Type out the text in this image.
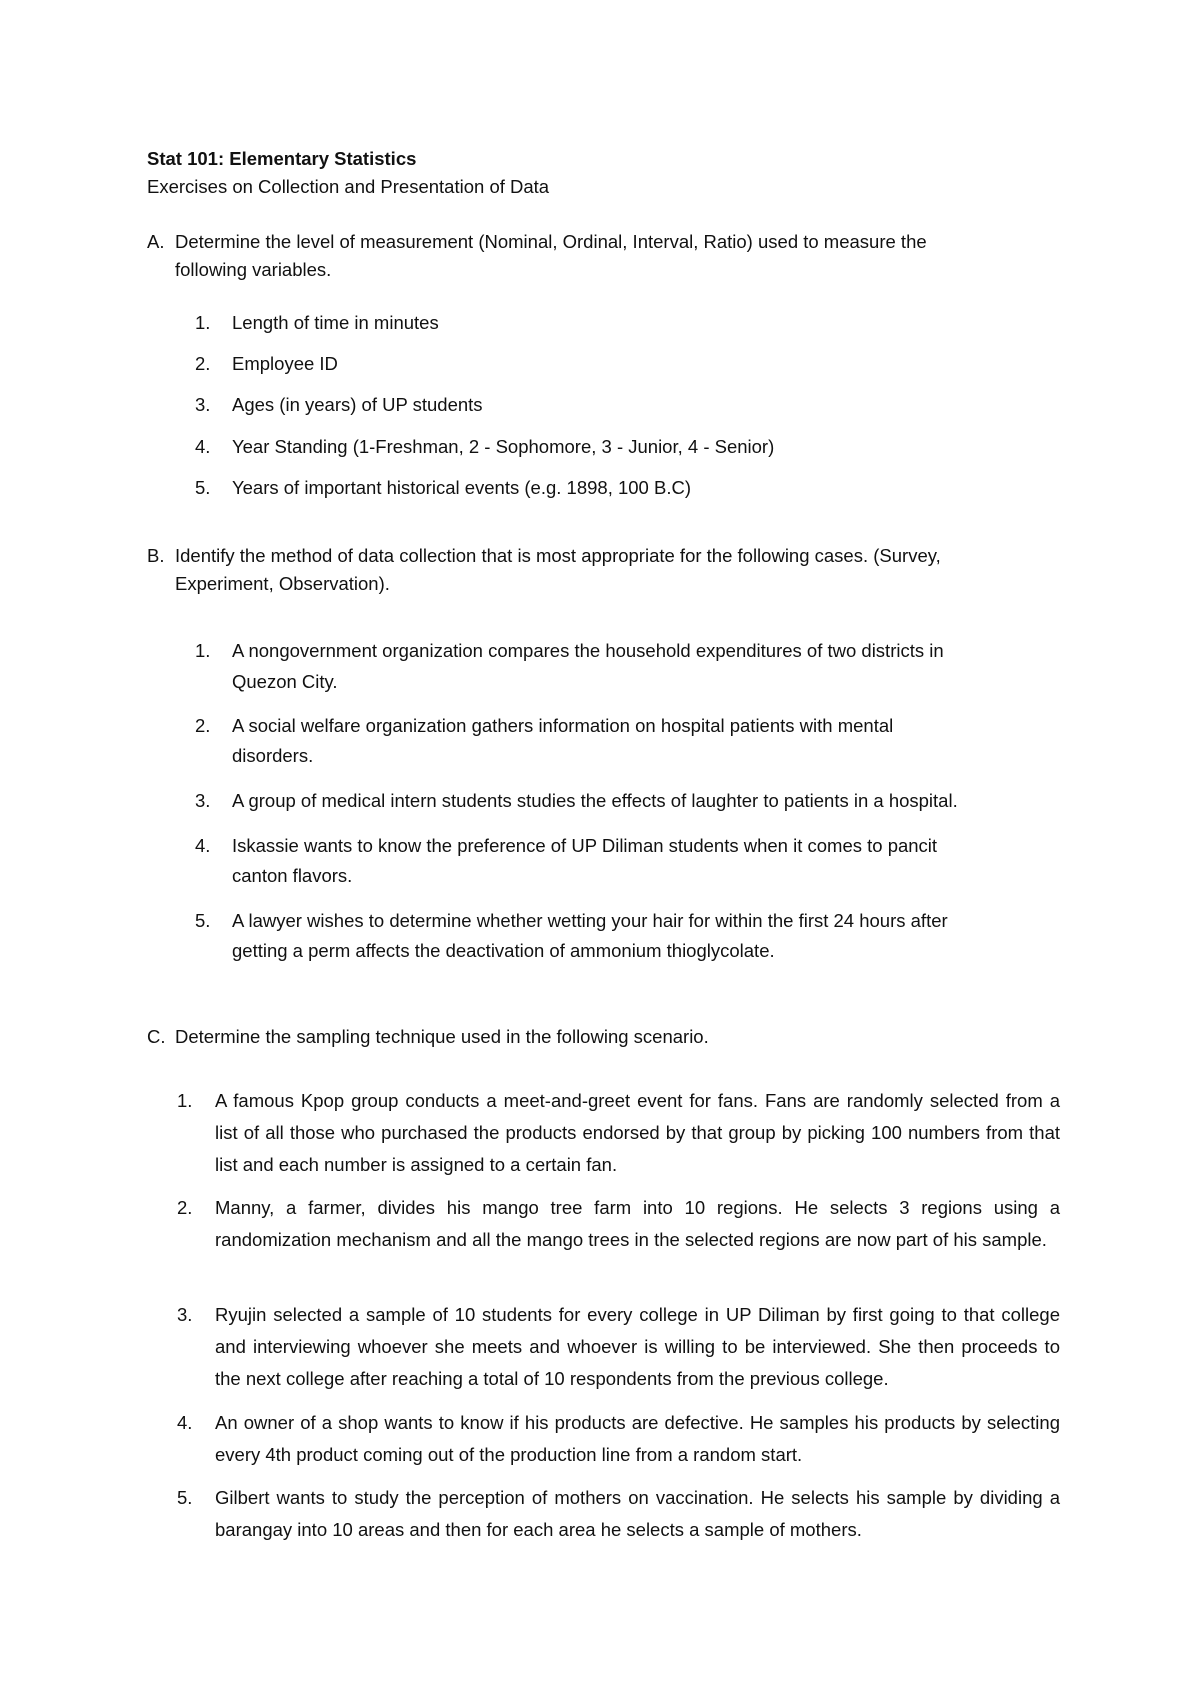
Stat 101: Elementary Statistics
Exercises on Collection and Presentation of Data
A. Determine the level of measurement (Nominal, Ordinal, Interval, Ratio) used to measure the
following variables.
1. Length of time in minutes
2. Employee ID
3. Ages (in years) of UP students
4. Year Standing (1-Freshman, 2 - Sophomore, 3 - Junior, 4 - Senior)
5. Years of important historical events (e.g. 1898, 100 B.C)
B. Identify the method of data collection that is most appropriate for the following cases. (Survey,
Experiment, Observation).
1. A nongovernment organization compares the household expenditures of two districts in
Quezon City.
2. A social welfare organization gathers information on hospital patients with mental
disorders.
3. A group of medical intern students studies the effects of laughter to patients in a hospital.
4. Iskassie wants to know the preference of UP Diliman students when it comes to pancit
canton flavors.
5. A lawyer wishes to determine whether wetting your hair for within the first 24 hours after
getting a perm affects the deactivation of ammonium thioglycolate.
C. Determine the sampling technique used in the following scenario.
1. A famous Kpop group conducts a meet-and-greet event for fans. Fans are randomly selected from a list of all those who purchased the products endorsed by that group by picking 100 numbers from that list and each number is assigned to a certain fan.
2. Manny, a farmer, divides his mango tree farm into 10 regions. He selects 3 regions using a randomization mechanism and all the mango trees in the selected regions are now part of his sample.
3. Ryujin selected a sample of 10 students for every college in UP Diliman by first going to that college and interviewing whoever she meets and whoever is willing to be interviewed. She then proceeds to the next college after reaching a total of 10 respondents from the previous college.
4. An owner of a shop wants to know if his products are defective. He samples his products by selecting every 4th product coming out of the production line from a random start.
5. Gilbert wants to study the perception of mothers on vaccination. He selects his sample by dividing a barangay into 10 areas and then for each area he selects a sample of mothers.
